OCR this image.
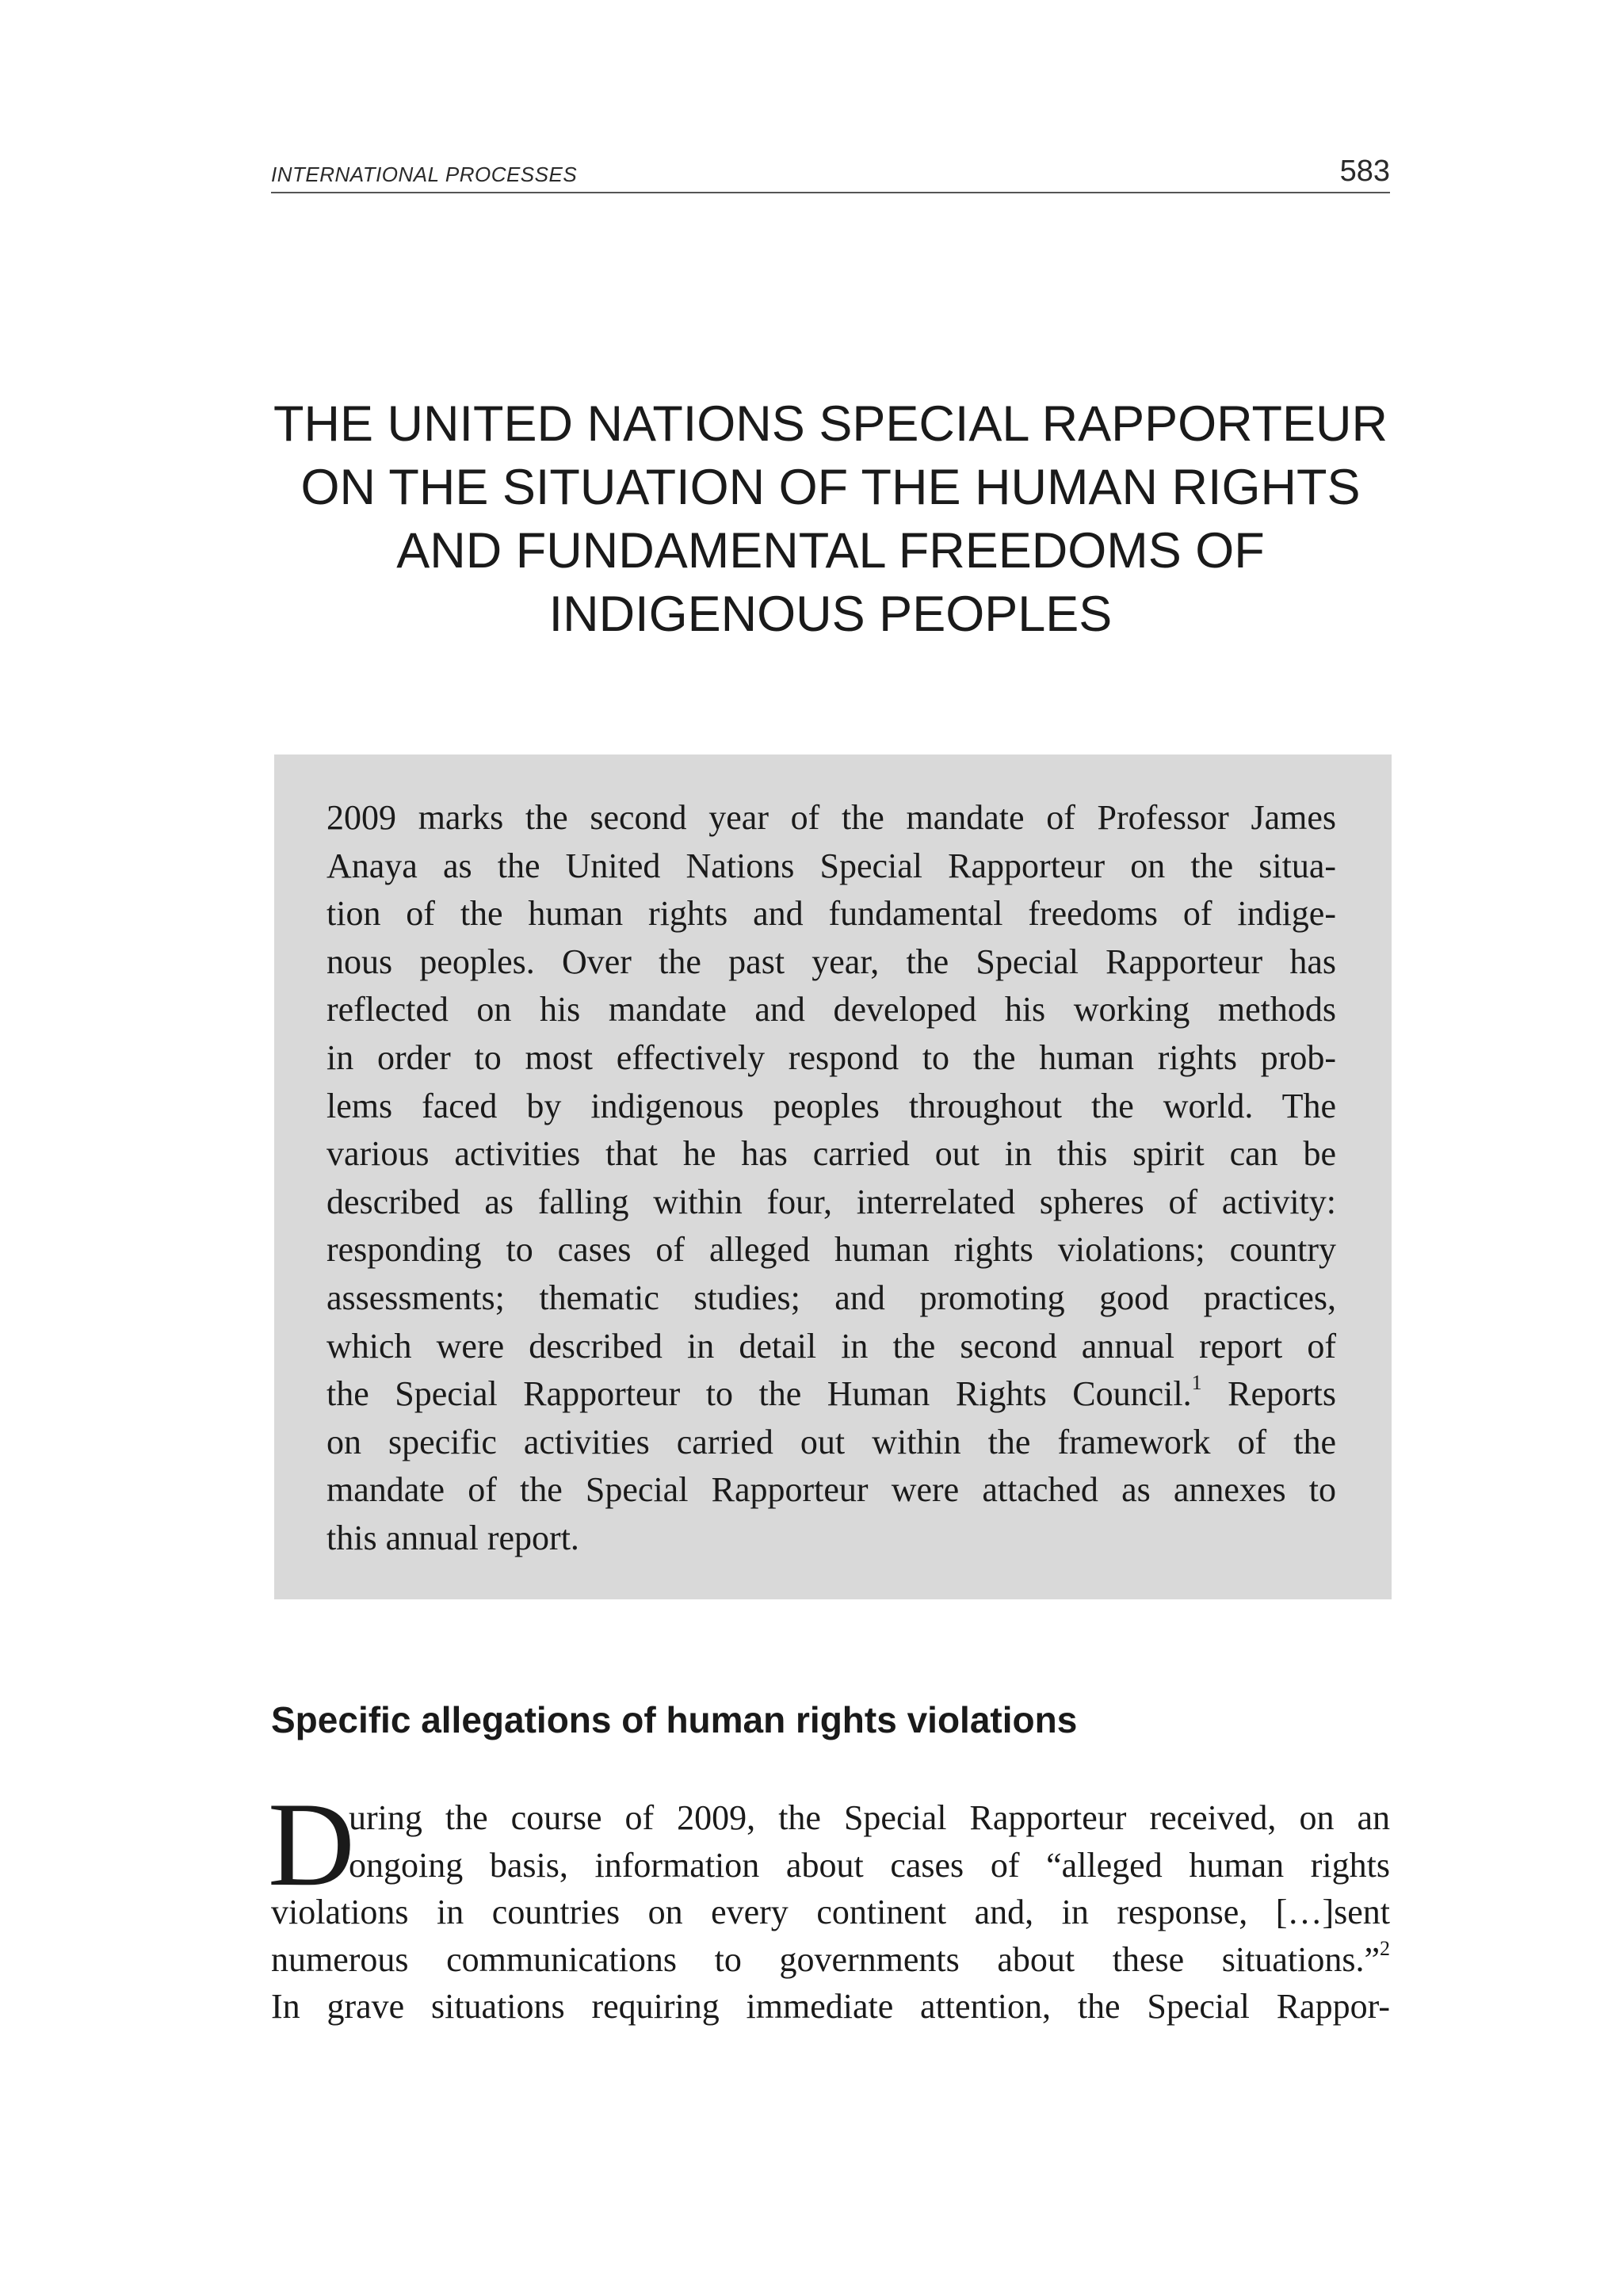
INTERNATIONAL PROCESSES	583
THE UNITED NATIONS SPECIAL RAPPORTEUR
ON THE SITUATION OF THE HUMAN RIGHTS
AND FUNDAMENTAL FREEDOMS OF
INDIGENOUS PEOPLES
2009 marks the second year of the mandate of Professor James
Anaya as the United Nations Special Rapporteur on the situa-
tion of the human rights and fundamental freedoms of indige-
nous peoples. Over the past year, the Special Rapporteur has
reflected on his mandate and developed his working methods
in order to most effectively respond to the human rights prob-
lems faced by indigenous peoples throughout the world. The
various activities that he has carried out in this spirit can be
described as falling within four, interrelated spheres of activity:
responding to cases of alleged human rights violations; country
assessments; thematic studies; and promoting good practices,
which were described in detail in the second annual report of
the Special Rapporteur to the Human Rights Council.$^1$ Reports
on specific activities carried out within the framework of the
mandate of the Special Rapporteur were attached as annexes to
this annual report.
Specific allegations of human rights violations
D
uring the course of 2009, the Special Rapporteur received, on an
ongoing basis, information about cases of “alleged human rights
violations in countries on every continent and, in response, […]sent
numerous communications to governments about these situations.”$^2$
In grave situations requiring immediate attention, the Special Rappor-
